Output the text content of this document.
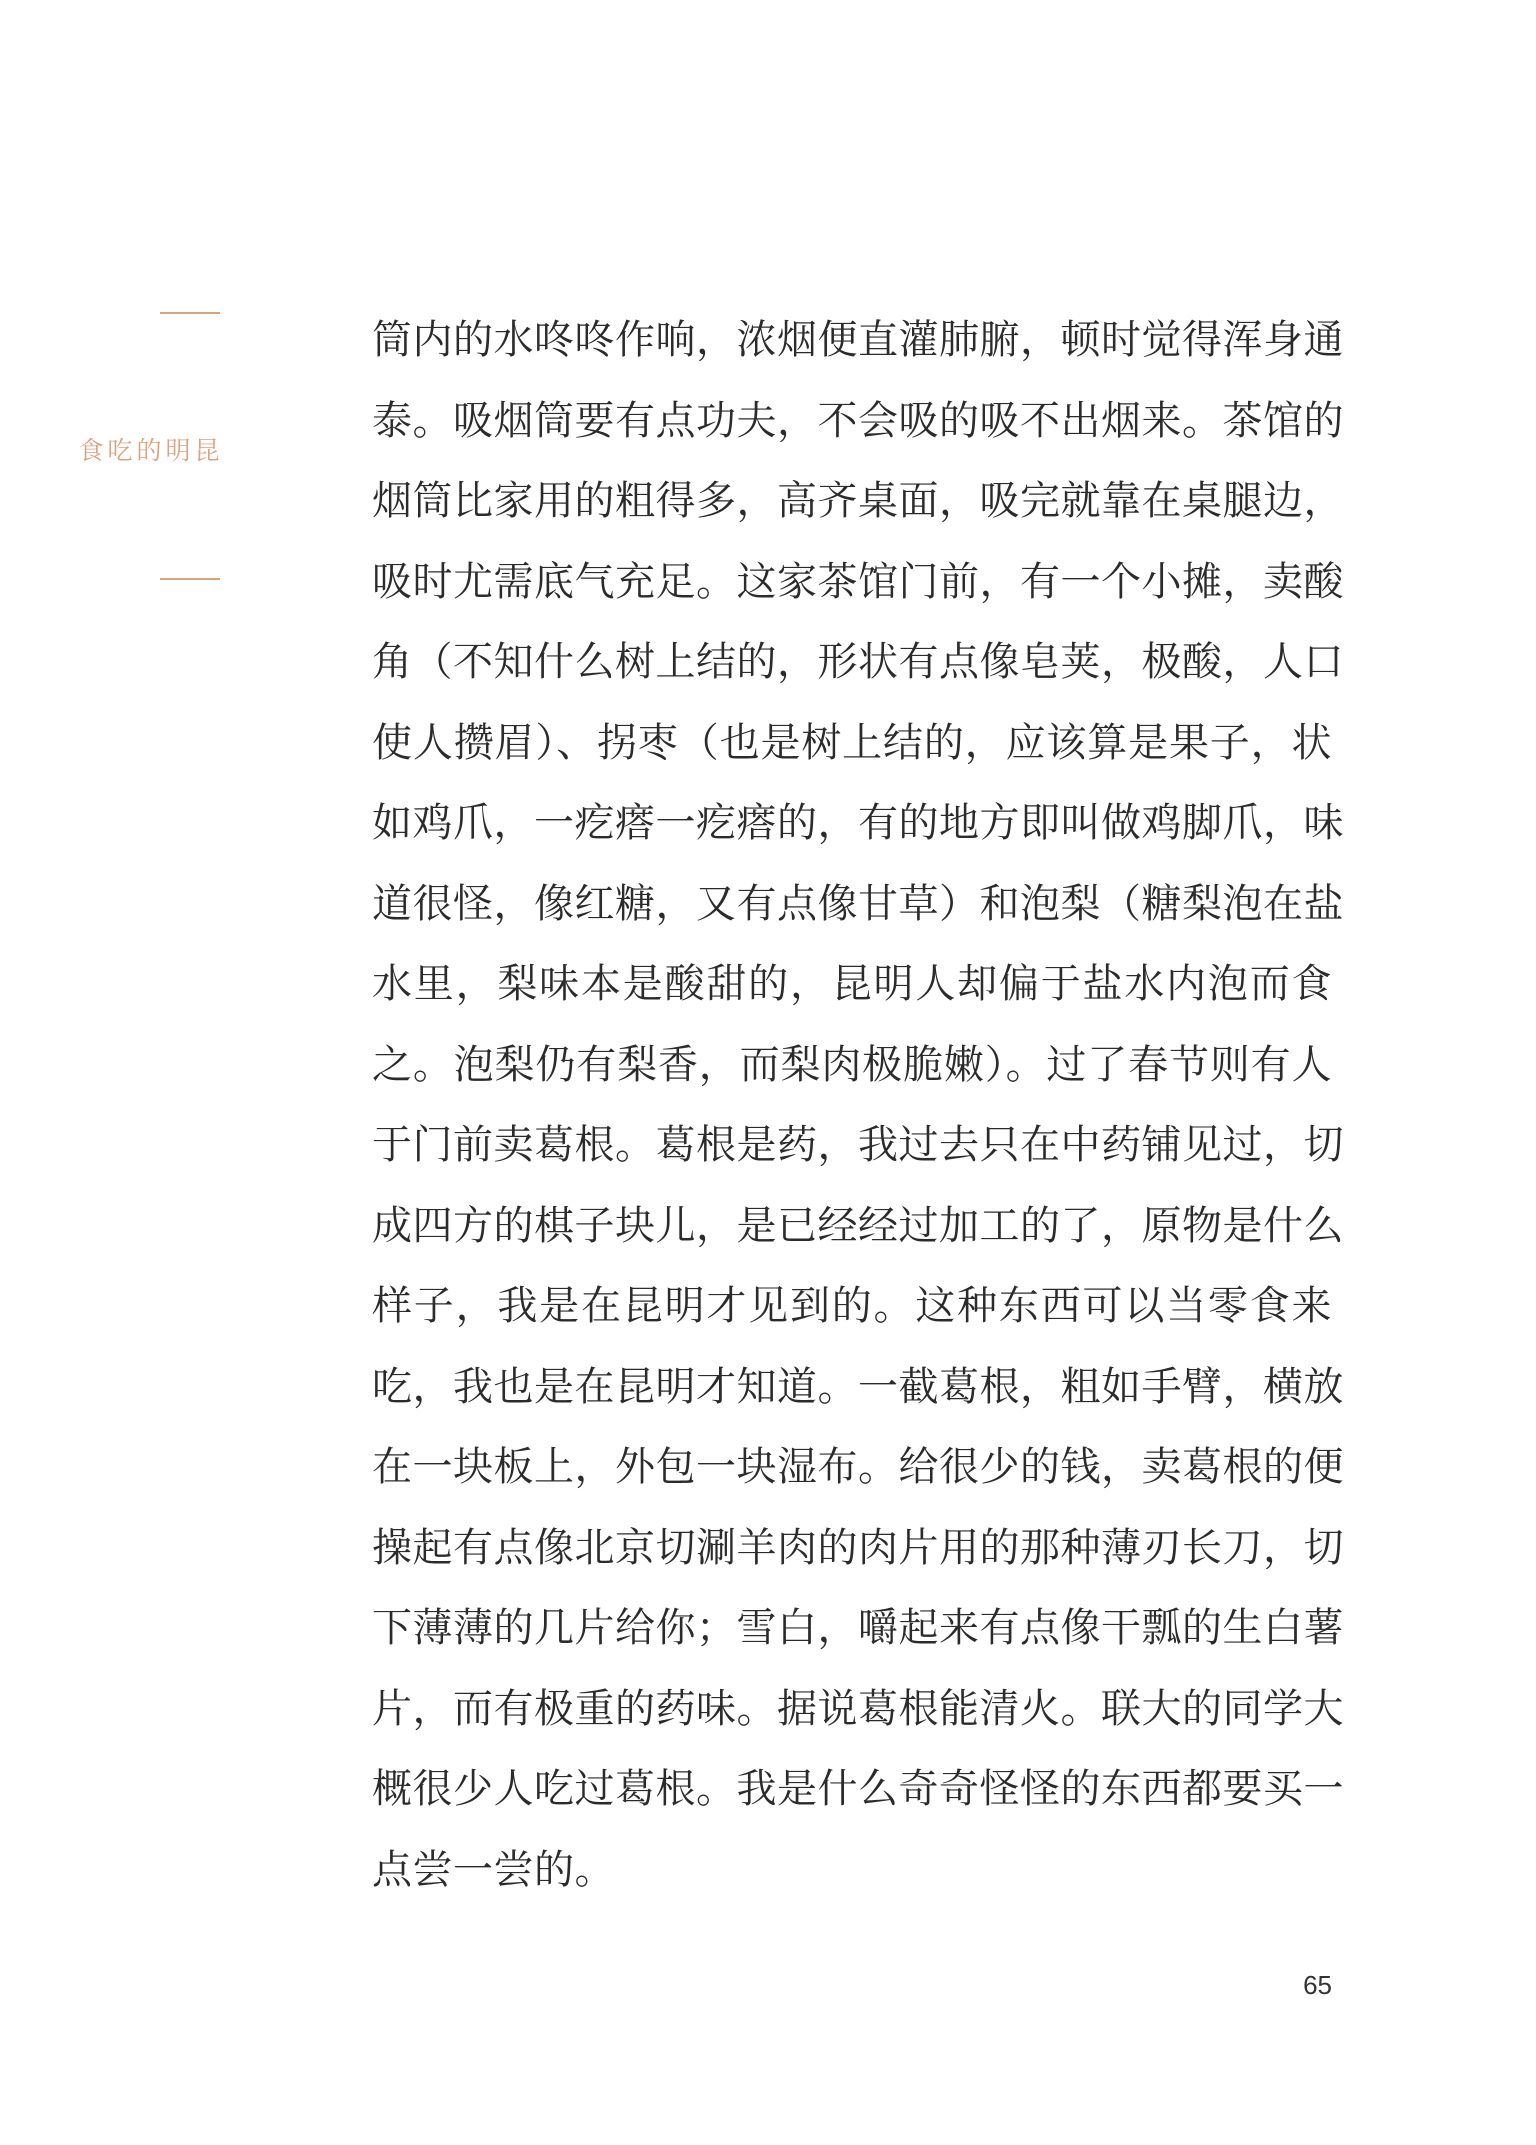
昆
明
的
吃
食
筒内的水咚咚作响，浓烟便直灌肺腑，顿时觉得浑身通
泰。吸烟筒要有点功夫，不会吸的吸不出烟来。茶馆的
烟筒比家用的粗得多，高齐桌面，吸完就靠在桌腿边，
吸时尤需底气充足。这家茶馆门前，有一个小摊，卖酸
角（不知什么树上结的，形状有点像皂荚，极酸，人口
使人攒眉）、拐枣（也是树上结的，应该算是果子，状
如鸡爪，一疙瘩一疙瘩的，有的地方即叫做鸡脚爪，味
道很怪，像红糖，又有点像甘草）和泡梨（糖梨泡在盐
水里，梨味本是酸甜的，昆明人却偏于盐水内泡而食
之。泡梨仍有梨香，而梨肉极脆嫩）。过了春节则有人
于门前卖葛根。葛根是药，我过去只在中药铺见过，切
成四方的棋子块儿，是已经经过加工的了，原物是什么
样子，我是在昆明才见到的。这种东西可以当零食来
吃，我也是在昆明才知道。一截葛根，粗如手臂，横放
在一块板上，外包一块湿布。给很少的钱，卖葛根的便
操起有点像北京切涮羊肉的肉片用的那种薄刃长刀，切
下薄薄的几片给你；雪白，嚼起来有点像干瓢的生白薯
片，而有极重的药味。据说葛根能清火。联大的同学大
概很少人吃过葛根。我是什么奇奇怪怪的东西都要买一
点尝一尝的。
65
